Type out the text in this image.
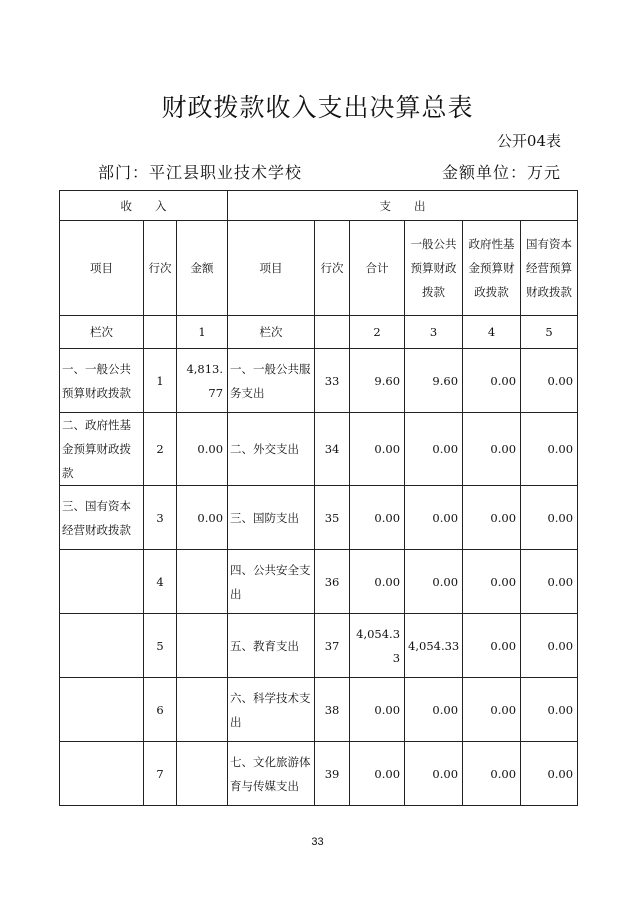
财政拨款收入支出决算总表
公开04表
部门：平江县职业技术学校	金额单位：万元
收　　入			支　　出					
项目	行次	金额	项目	行次	合计	一般公共预算财政拨款	政府性基金预算财政拨款	国有资本经营预算财政拨款
栏次		1	栏次		2	3	4	5
一、一般公共预算财政拨款	1	4,813.77	一、一般公共服务支出	33	9.60	9.60	0.00	0.00
二、政府性基金预算财政拨款	2	0.00	二、外交支出	34	0.00	0.00	0.00	0.00
三、国有资本经营财政拨款	3	0.00	三、国防支出	35	0.00	0.00	0.00	0.00
	4		四、公共安全支出	36	0.00	0.00	0.00	0.00
	5		五、教育支出	37	4,054.33	4,054.33	0.00	0.00
	6		六、科学技术支出	38	0.00	0.00	0.00	0.00
	7		七、文化旅游体育与传媒支出	39	0.00	0.00	0.00	0.00
33
